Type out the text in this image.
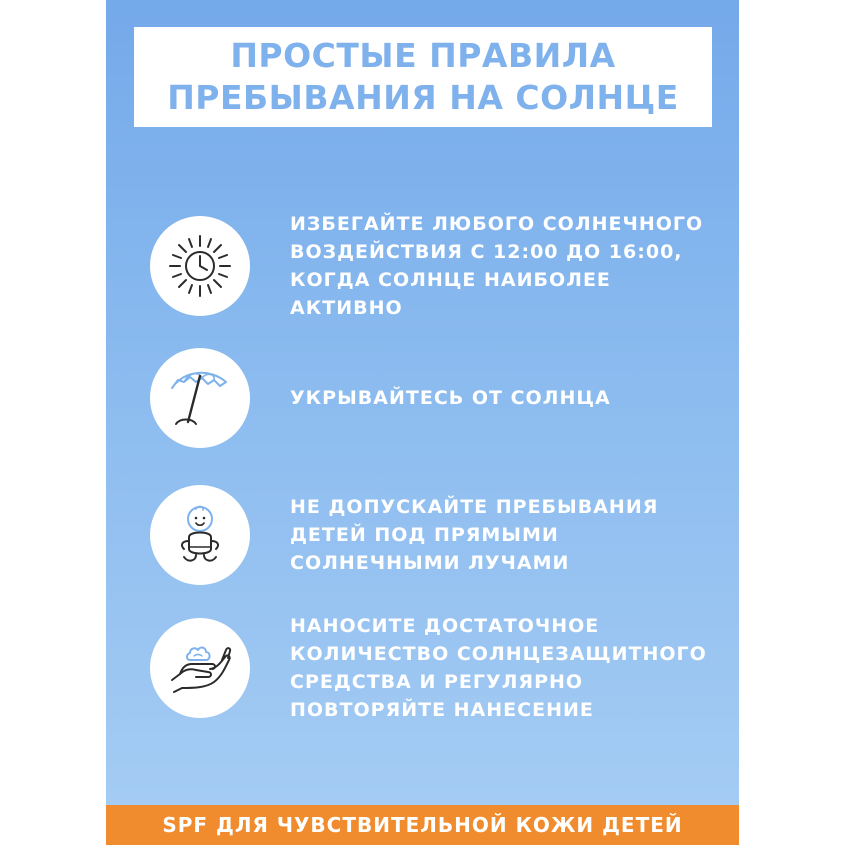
ПРОСТЫЕ ПРАВИЛА
ПРЕБЫВАНИЯ НА СОЛНЦЕ
ИЗБЕГАЙТЕ ЛЮБОГО СОЛНЕЧНОГО
ВОЗДЕЙСТВИЯ С 12:00 ДО 16:00,
КОГДА СОЛНЦЕ НАИБОЛЕЕ
АКТИВНО
УКРЫВАЙТЕСЬ ОТ СОЛНЦА
НЕ ДОПУСКАЙТЕ ПРЕБЫВАНИЯ
ДЕТЕЙ ПОД ПРЯМЫМИ
СОЛНЕЧНЫМИ ЛУЧАМИ
НАНОСИТЕ ДОСТАТОЧНОЕ
КОЛИЧЕСТВО СОЛНЦЕЗАЩИТНОГО
СРЕДСТВА И РЕГУЛЯРНО
ПОВТОРЯЙТЕ НАНЕСЕНИЕ
SPF ДЛЯ ЧУВСТВИТЕЛЬНОЙ КОЖИ ДЕТЕЙ
